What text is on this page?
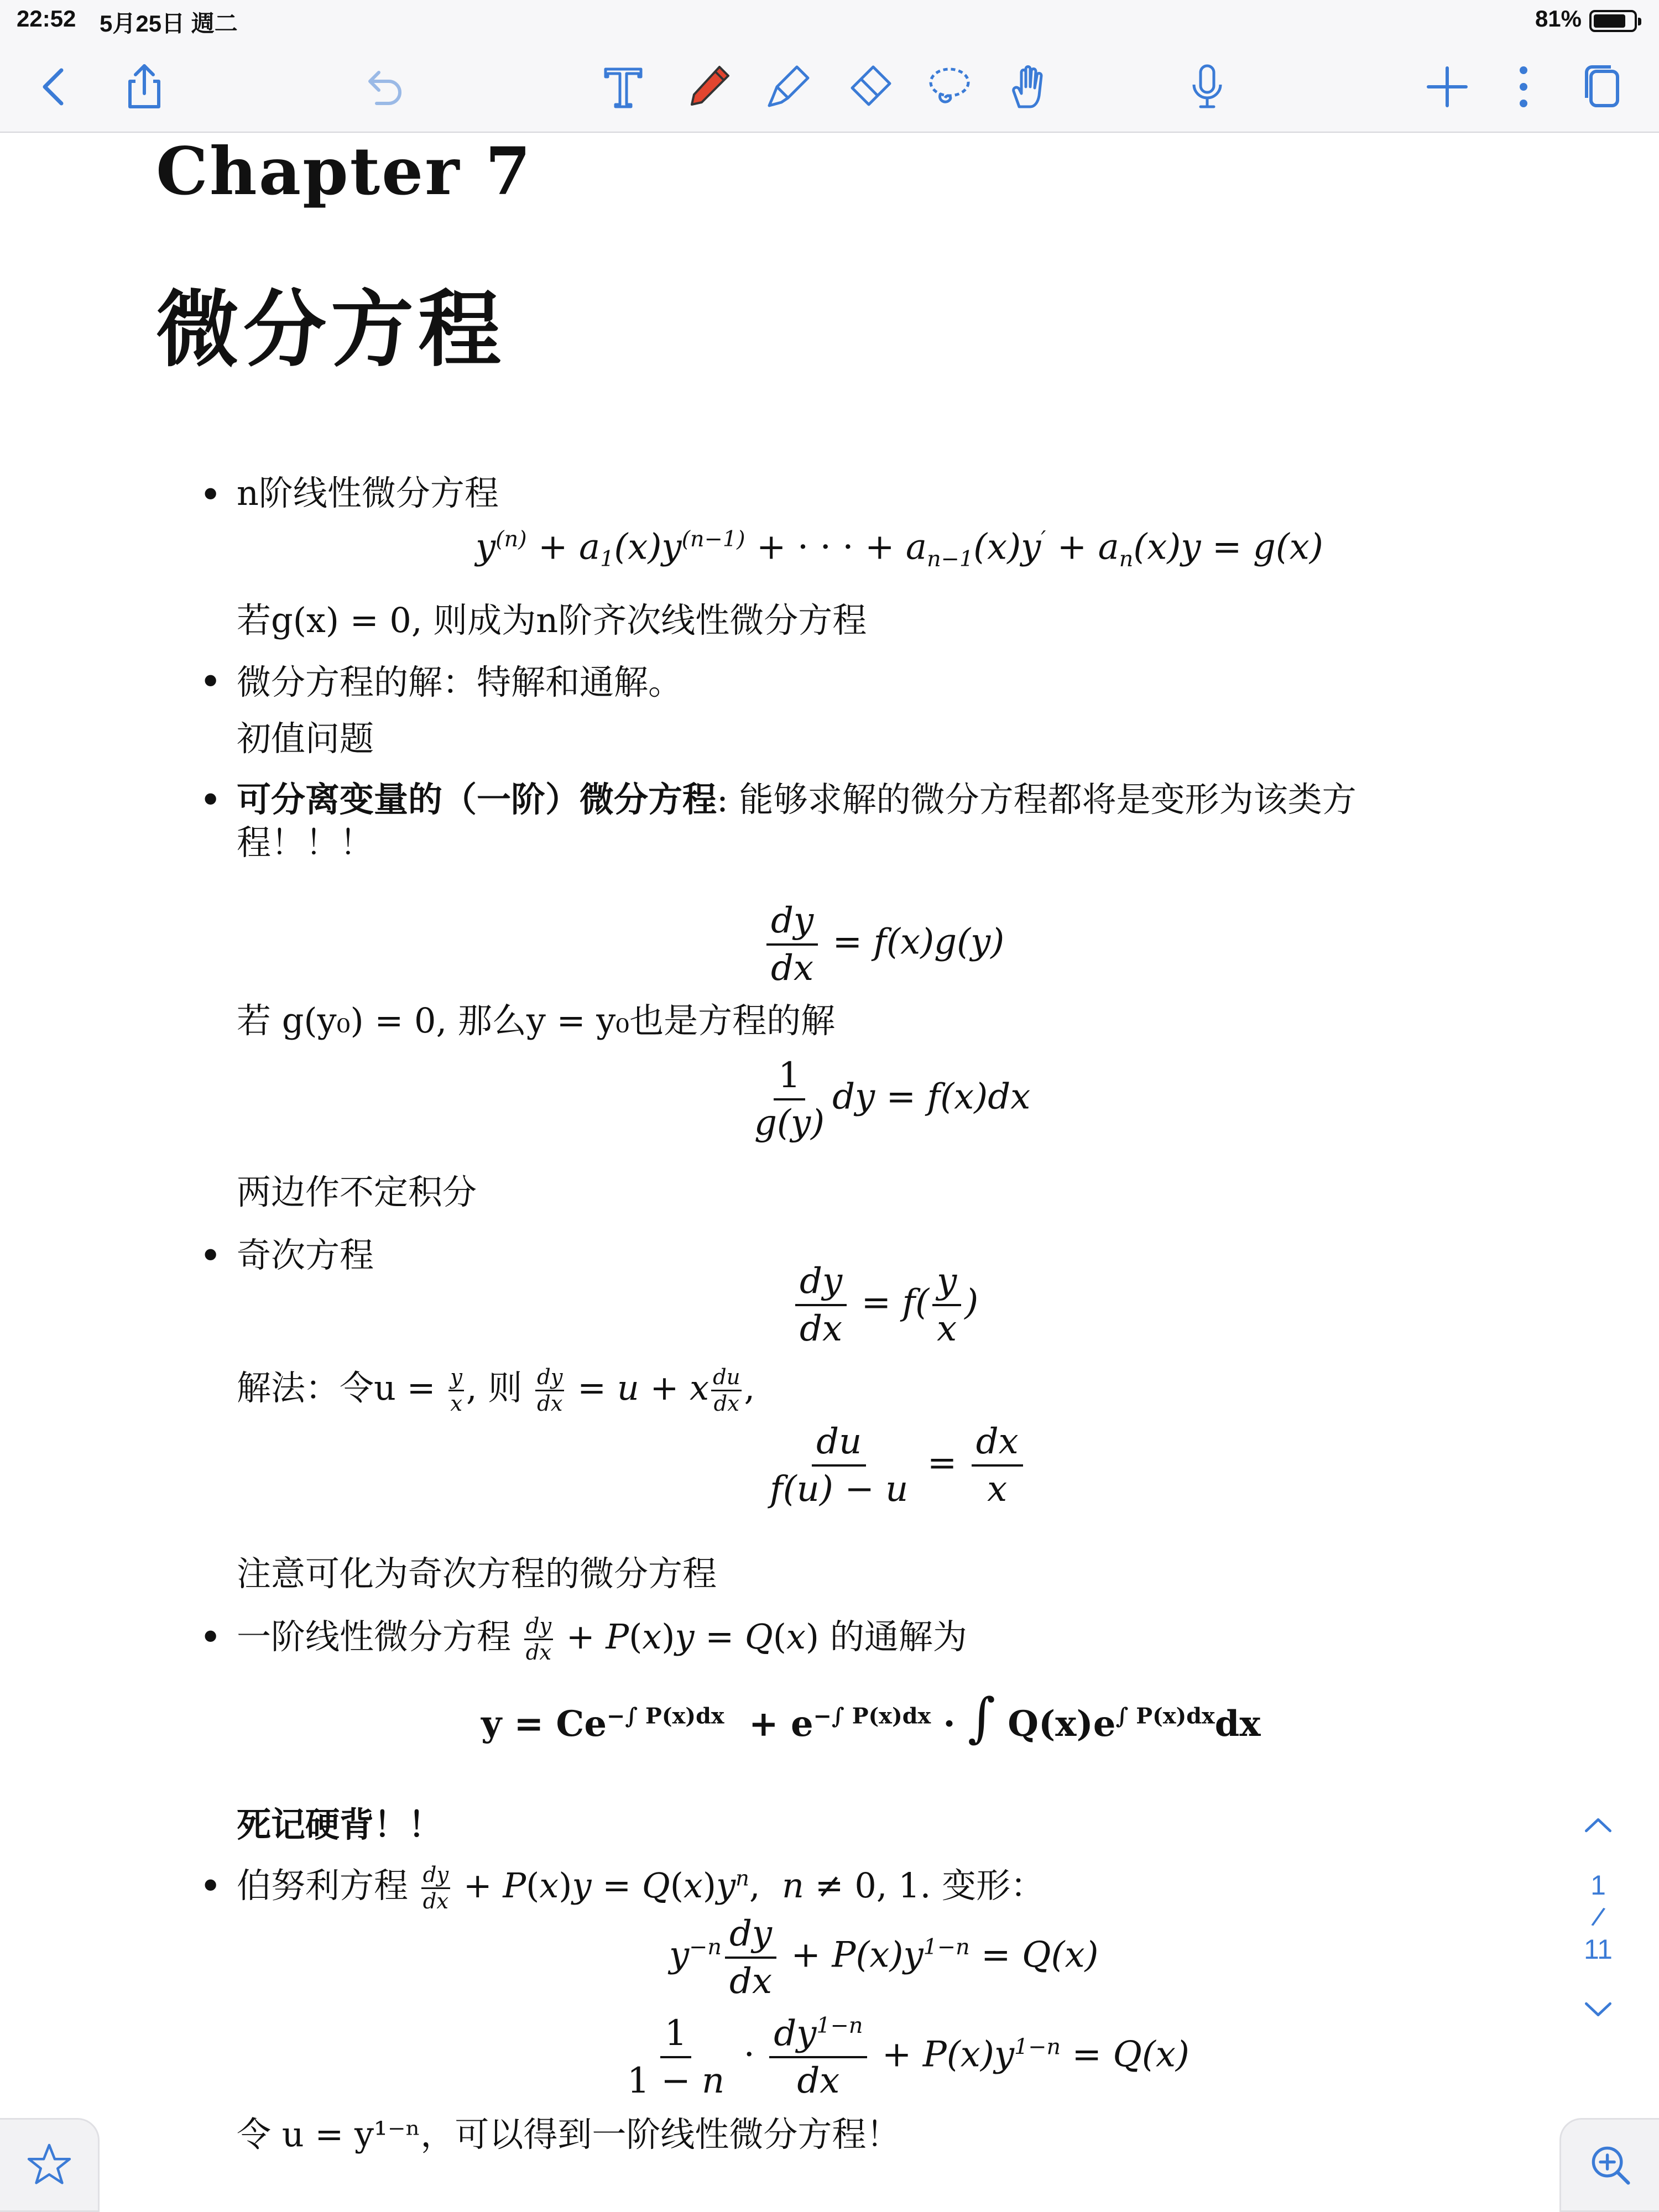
22:52 5月25日 週二	81%
Chapter 7
微分方程
• n阶线性微分方程
$y^{(n)} + a_1(x)y^{(n-1)}$ + · · · + $a_{n-1}(x)y' + a_n(x)y = g(x)$
若g(x) = 0, 则成为n阶齐次线性微分方程
• 微分方程的解：特解和通解。
初值问题
• 可分离变量的（一阶）微分方程: 能够求解的微分方程都将是变形为该类方
程！！！
$\frac{dy}{dx} = f(x)g(y)$
若 g(y₀) = 0, 那么y = y₀也是方程的解
$\frac{1}{g(y)}$ dy = f(x)dx
两边作不定积分
• 奇次方程
$\frac{dy}{dx} = f( \frac{y}{x}$ )
解法：令$u = \frac{y}{x}$ , 则 $\frac{dy}{dx} = u + x \frac{du}{dx}$ ,
$\frac{du}{f(u) - u} = \frac{dx}{x}$
注意可化为奇次方程的微分方程
• 一阶线性微分方程 $\frac{dy}{dx} + P(x)y = Q(x)$ 的通解为
$y = Ce^{-\int P(x)dx} + e^{-\int P(x)dx}$ · ∫ $Q(x)e^{\int P(x)dx}dx$
死记硬背！！
• 伯努利方程 $\frac{dy}{dx} + P(x)y = Q(x)y^n$,  n ≠ 0, 1. 变形：
$y^{-n} \frac{dy}{dx} + P(x)y^{1-n} = Q(x)$
$\frac{1}{1 - n} \cdot \frac{dy^{1-n}}{dx} + P(x)y^{1-n} = Q(x)$
令 u = y¹⁻ⁿ，可以得到一阶线性微分方程！
1
/
11
